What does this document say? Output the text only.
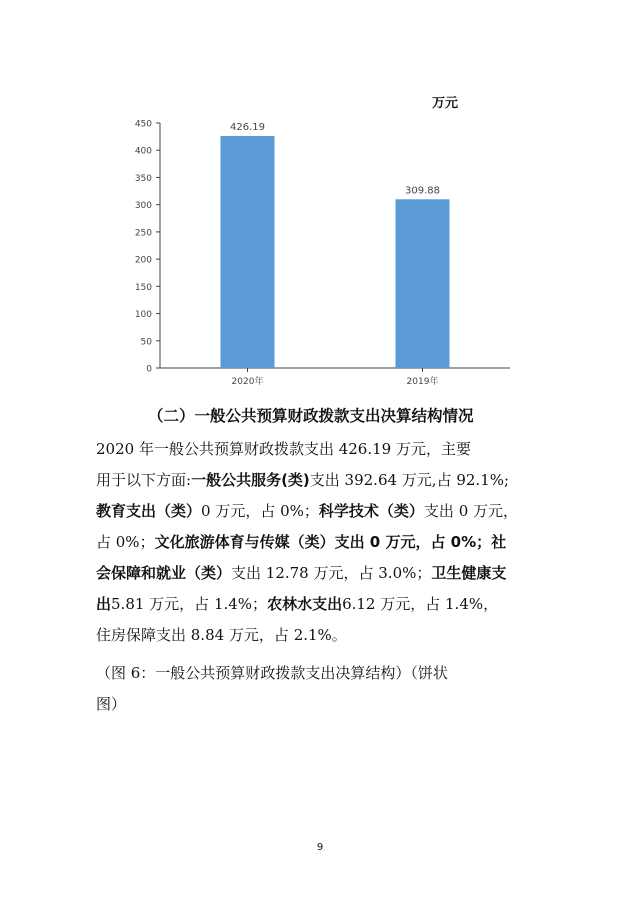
万元
0
50
100
150
200
250
300
350
400
450	426.19
309.88
2020年	2019年
（二）一般公共预算财政拨款支出决算结构情况
2020 年一般公共预算财政拨款支出 426.19 万元，主要
用于以下方面:一般公共服务(类)支出 392.64 万元,占 92.1%;
教育支出（类）0 万元，占 0%；科学技术（类）支出 0 万元，
占 0%；文化旅游体育与传媒（类）支出 0 万元，占 0%；社
会保障和就业（类）支出 12.78 万元，占 3.0%；卫生健康支
出5.81 万元，占 1.4%；农林水支出6.12 万元，占 1.4%，
住房保障支出 8.84 万元，占 2.1%。
（图 6：一般公共预算财政拨款支出决算结构）（饼状
图）
9
